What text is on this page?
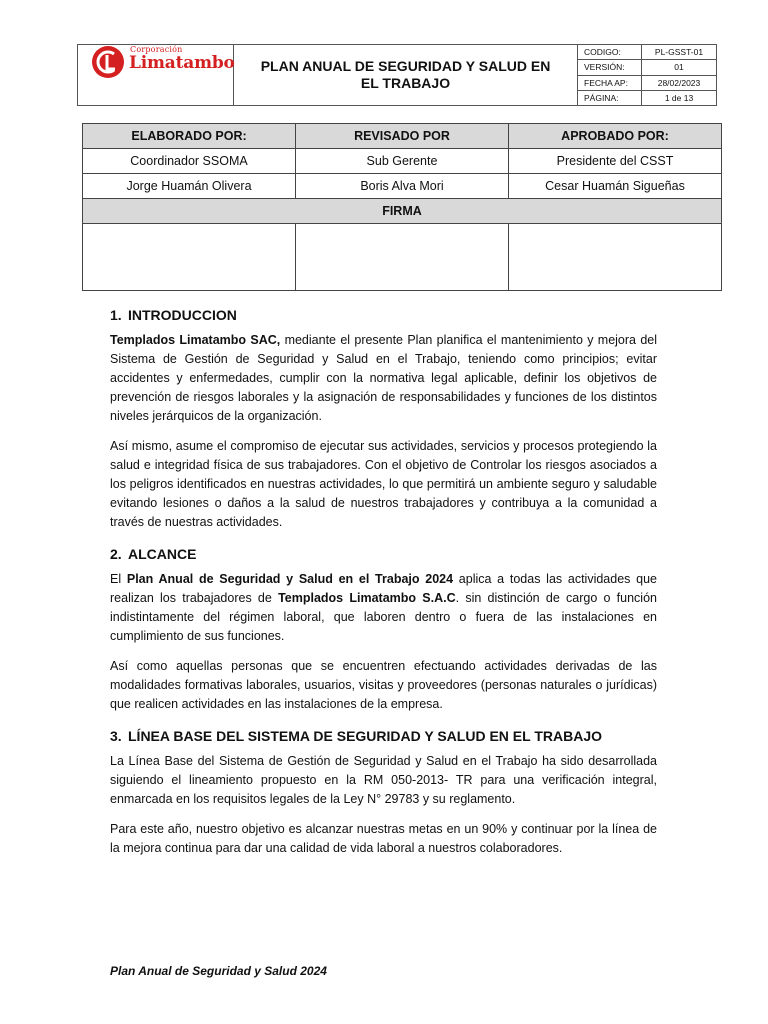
Corporación
Limatambo	PLAN ANUAL DE SEGURIDAD Y SALUD EN EL TRABAJO
CODIGO:	PL-GSST-01
VERSIÓN:	01
FECHA AP:	28/02/2023
PÁGINA:	1 de 13
ELABORADO POR:	REVISADO POR	APROBADO POR:
Coordinador SSOMA	Sub Gerente	Presidente del CSST
Jorge Huamán Olivera	Boris Alva Mori	Cesar Huamán Sigueñas
FIRMA		

1. INTRODUCCION

Templados Limatambo SAC, mediante el presente Plan planifica el mantenimiento y mejora del Sistema de Gestión de Seguridad y Salud en el Trabajo, teniendo como principios; evitar accidentes y enfermedades, cumplir con la normativa legal aplicable, definir los objetivos de prevención de riesgos laborales y la asignación de responsabilidades y funciones de los distintos niveles jerárquicos de la organización.

Así mismo, asume el compromiso de ejecutar sus actividades, servicios y procesos protegiendo la salud e integridad física de sus trabajadores. Con el objetivo de Controlar los riesgos asociados a los peligros identificados en nuestras actividades, lo que permitirá un ambiente seguro y saludable evitando lesiones o daños a la salud de nuestros trabajadores y contribuya a la comunidad a través de nuestras actividades.

2. ALCANCE

El Plan Anual de Seguridad y Salud en el Trabajo 2024 aplica a todas las actividades que realizan los trabajadores de Templados Limatambo S.A.C. sin distinción de cargo o función indistintamente del régimen laboral, que laboren dentro o fuera de las instalaciones en cumplimiento de sus funciones.

Así como aquellas personas que se encuentren efectuando actividades derivadas de las modalidades formativas laborales, usuarios, visitas y proveedores (personas naturales o jurídicas) que realicen actividades en las instalaciones de la empresa.

3. LÍNEA BASE DEL SISTEMA DE SEGURIDAD Y SALUD EN EL TRABAJO

La Línea Base del Sistema de Gestión de Seguridad y Salud en el Trabajo ha sido desarrollada siguiendo el lineamiento propuesto en la RM 050-2013- TR para una verificación integral, enmarcada en los requisitos legales de la Ley N° 29783 y su reglamento.

Para este año, nuestro objetivo es alcanzar nuestras metas en un 90% y continuar por la línea de la mejora continua para dar una calidad de vida laboral a nuestros colaboradores.

Plan Anual de Seguridad y Salud 2024
